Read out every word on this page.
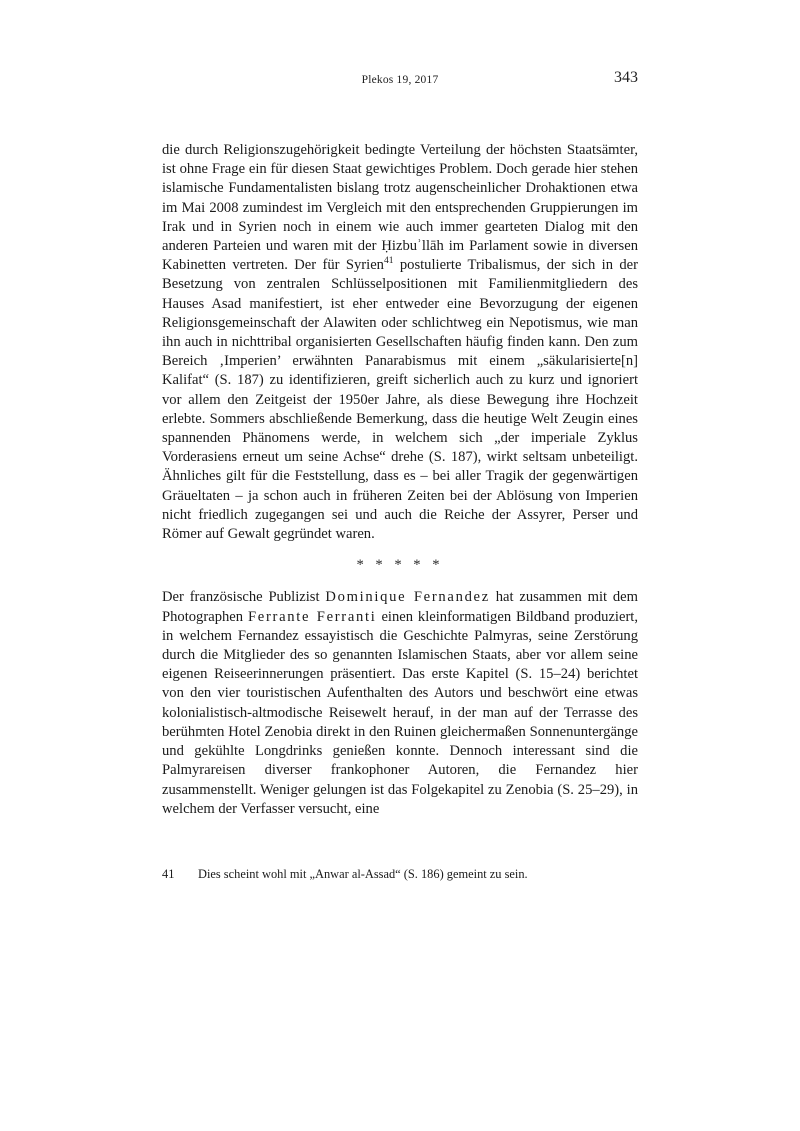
Plekos 19, 2017	343

die durch Religionszugehörigkeit bedingte Verteilung der höchsten Staatsämter, ist ohne Frage ein für diesen Staat gewichtiges Problem. Doch gerade hier stehen islamische Fundamentalisten bislang trotz augenscheinlicher Drohaktionen etwa im Mai 2008 zumindest im Vergleich mit den entsprechenden Gruppierungen im Irak und in Syrien noch in einem wie auch immer gearteten Dialog mit den anderen Parteien und waren mit der Ḥizbuʾllāh im Parlament sowie in diversen Kabinetten vertreten. Der für Syrien$^{41}$ postulierte Tribalismus, der sich in der Besetzung von zentralen Schlüsselpositionen mit Familienmitgliedern des Hauses Asad manifestiert, ist eher entweder eine Bevorzugung der eigenen Religionsgemeinschaft der Alawiten oder schlichtweg ein Nepotismus, wie man ihn auch in nichttribal organisierten Gesellschaften häufig finden kann. Den zum Bereich ‚Imperien’ erwähnten Panarabismus mit einem „säkularisierte[n] Kalifat“ (S. 187) zu identifizieren, greift sicherlich auch zu kurz und ignoriert vor allem den Zeitgeist der 1950er Jahre, als diese Bewegung ihre Hochzeit erlebte. Sommers abschließende Bemerkung, dass die heutige Welt Zeugin eines spannenden Phänomens werde, in welchem sich „der imperiale Zyklus Vorderasiens erneut um seine Achse“ drehe (S. 187), wirkt seltsam unbeteiligt. Ähnliches gilt für die Feststellung, dass es – bei aller Tragik der gegenwärtigen Gräueltaten – ja schon auch in früheren Zeiten bei der Ablösung von Imperien nicht friedlich zugegangen sei und auch die Reiche der Assyrer, Perser und Römer auf Gewalt gegründet waren.

* * * * *

Der französische Publizist Dominique Fernandez hat zusammen mit dem Photographen Ferrante Ferranti einen kleinformatigen Bildband produziert, in welchem Fernandez essayistisch die Geschichte Palmyras, seine Zerstörung durch die Mitglieder des so genannten Islamischen Staats, aber vor allem seine eigenen Reiseerinnerungen präsentiert. Das erste Kapitel (S. 15–24) berichtet von den vier touristischen Aufenthalten des Autors und beschwört eine etwas kolonialistisch-altmodische Reisewelt herauf, in der man auf der Terrasse des berühmten Hotel Zenobia direkt in den Ruinen gleichermaßen Sonnenuntergänge und gekühlte Longdrinks genießen konnte. Dennoch interessant sind die Palmyrareisen diverser frankophoner Autoren, die Fernandez hier zusammenstellt. Weniger gelungen ist das Folgekapitel zu Zenobia (S. 25–29), in welchem der Verfasser versucht, eine

41	Dies scheint wohl mit „Anwar al-Assad“ (S. 186) gemeint zu sein.
